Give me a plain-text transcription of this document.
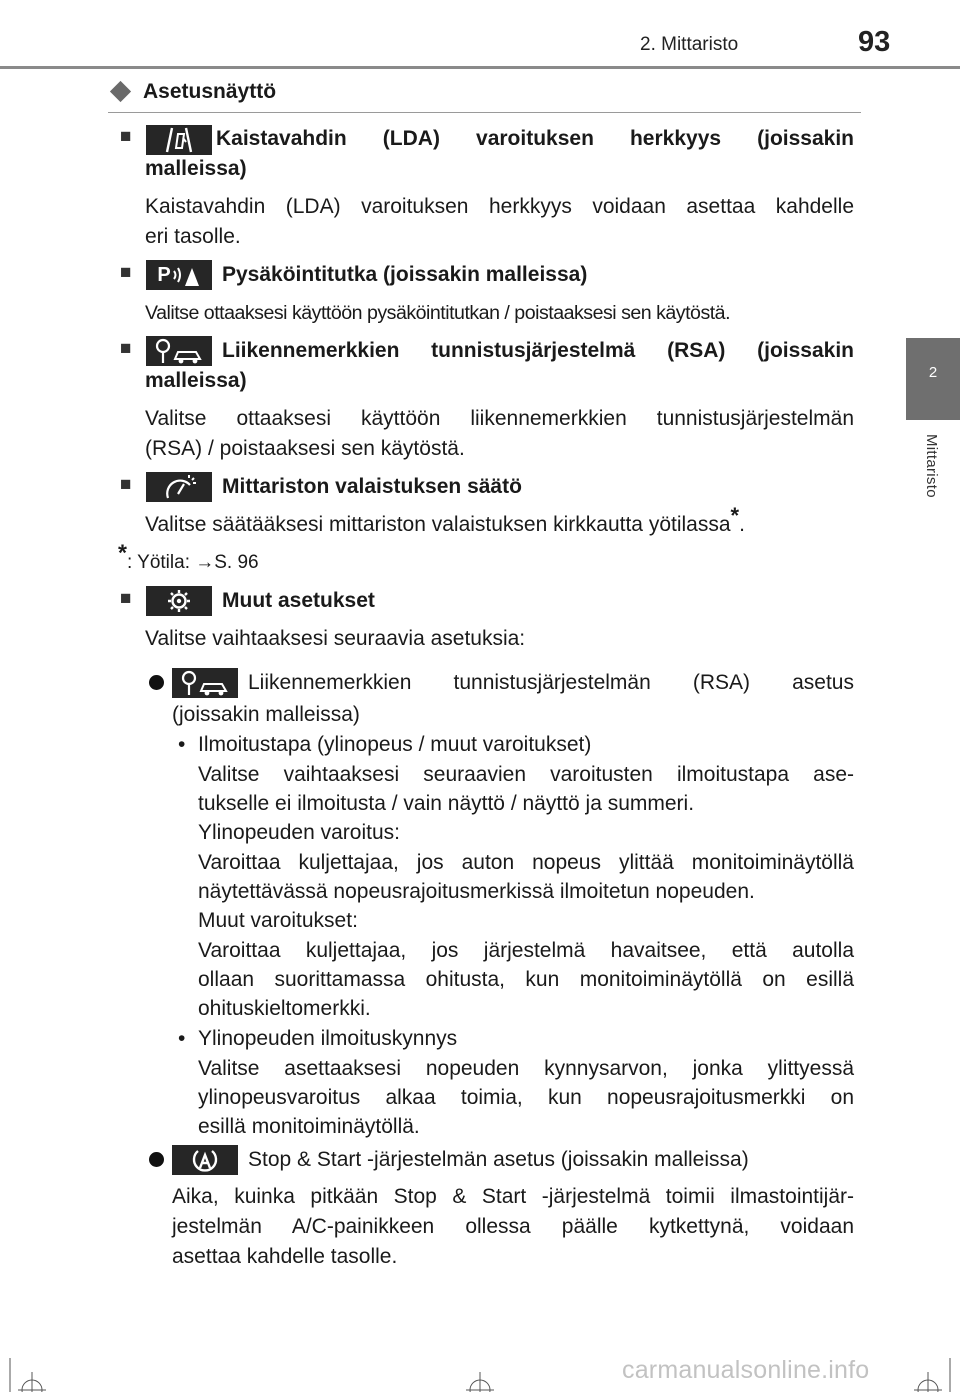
2. Mittaristo	93
2
Mittaristo
Asetusnäyttö
■	Kaistavahdin (LDA) varoituksen herkkyys (joissakin
malleissa)
Kaistavahdin (LDA) varoituksen herkkyys voidaan asettaa kahdelle
eri tasolle.
■ P Pysäköintitutka (joissakin malleissa)
Valitse ottaaksesi käyttöön pysäköintitutkan / poistaaksesi sen käytöstä.
■	Liikennemerkkien tunnistusjärjestelmä (RSA) (joissakin
malleissa)
Valitse ottaaksesi käyttöön liikennemerkkien tunnistusjärjestelmän
(RSA) / poistaaksesi sen käytöstä.
■	Mittariston valaistuksen säätö
Valitse säätääksesi mittariston valaistuksen kirkkautta yötilassa*.
*: Yötila: →S. 96
■	Muut asetukset
Valitse vaihtaaksesi seuraavia asetuksia:
Liikennemerkkien tunnistusjärjestelmän (RSA) asetus
(joissakin malleissa)
• Ilmoitustapa (ylinopeus / muut varoitukset)
Valitse vaihtaaksesi seuraavien varoitusten ilmoitustapa ase-
tukselle ei ilmoitusta / vain näyttö / näyttö ja summeri.
Ylinopeuden varoitus:
Varoittaa kuljettajaa, jos auton nopeus ylittää monitoiminäytöllä
näytettävässä nopeusrajoitusmerkissä ilmoitetun nopeuden.
Muut varoitukset:
Varoittaa kuljettajaa, jos järjestelmä havaitsee, että autolla
ollaan suorittamassa ohitusta, kun monitoiminäytöllä on esillä
ohituskieltomerkki.
• Ylinopeuden ilmoituskynnys
Valitse asettaaksesi nopeuden kynnysarvon, jonka ylittyessä
ylinopeusvaroitus alkaa toimia, kun nopeusrajoitusmerkki on
esillä monitoiminäytöllä.
Stop & Start -järjestelmän asetus (joissakin malleissa)
Aika, kuinka pitkään Stop & Start -järjestelmä toimii ilmastointijär-
jestelmän A/C-painikkeen ollessa päälle kytkettynä, voidaan
asettaa kahdelle tasolle.
carmanualsonline.info
